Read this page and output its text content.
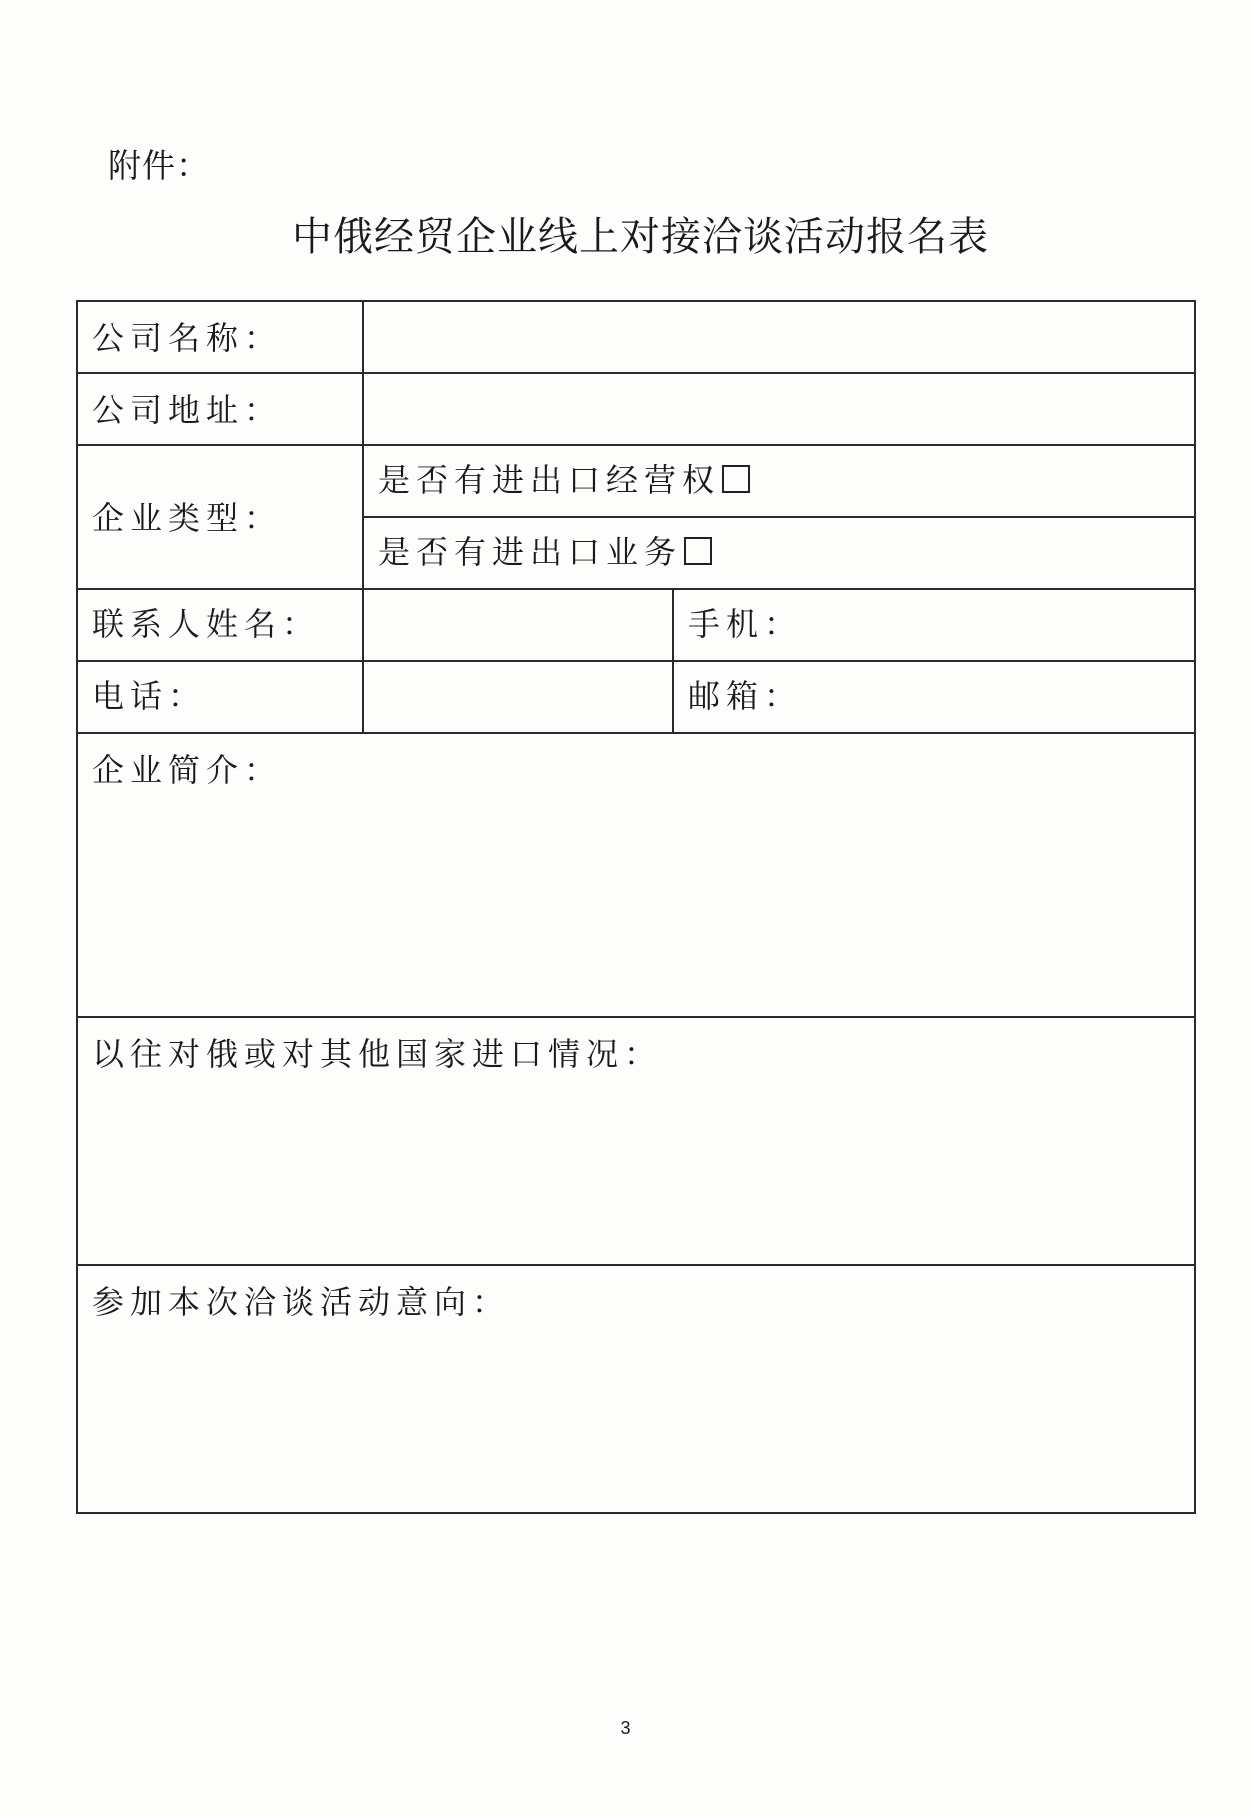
附件：
中俄经贸企业线上对接洽谈活动报名表
公司名称：
公司地址：
企业类型：
是否有进出口经营权
是否有进出口业务
联系人姓名：	手机：
电话：	邮箱：
企业简介：
以往对俄或对其他国家进口情况：
参加本次洽谈活动意向：
3
